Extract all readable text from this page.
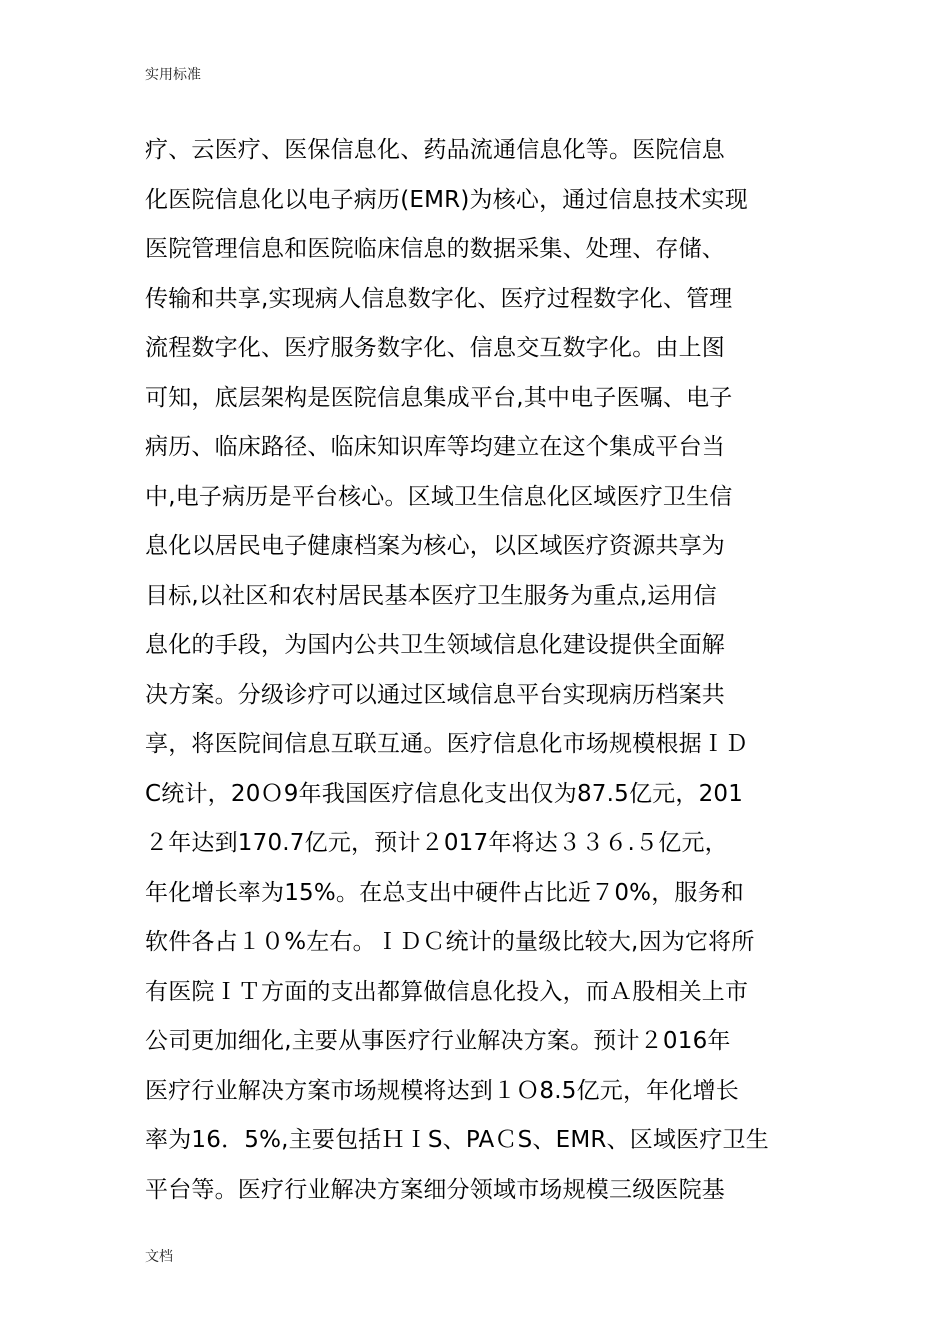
实用标准
疗、云医疗、医保信息化、药品流通信息化等。医院信息
化医院信息化以电子病历(EMR)为核心，通过信息技术实现
医院管理信息和医院临床信息的数据采集、处理、存储、
传输和共享,实现病人信息数字化、医疗过程数字化、管理
流程数字化、医疗服务数字化、信息交互数字化。由上图
可知，底层架构是医院信息集成平台,其中电子医嘱、电子
病历、临床路径、临床知识库等均建立在这个集成平台当
中,电子病历是平台核心。区域卫生信息化区域医疗卫生信
息化以居民电子健康档案为核心，以区域医疗资源共享为
目标,以社区和农村居民基本医疗卫生服务为重点,运用信
息化的手段，为国内公共卫生领域信息化建设提供全面解
决方案。分级诊疗可以通过区域信息平台实现病历档案共
享，将医院间信息互联互通。医疗信息化市场规模根据ＩＤ
C统计，20Ｏ9年我国医疗信息化支出仅为87.5亿元，201
２年达到170.7亿元，预计２017年将达３３６.５亿元，
年化增长率为15%。在总支出中硬件占比近７0%，服务和
软件各占１０%左右。ＩＤＣ统计的量级比较大,因为它将所
有医院ＩＴ方面的支出都算做信息化投入，而Ａ股相关上市
公司更加细化,主要从事医疗行业解决方案。预计２016年
医疗行业解决方案市场规模将达到１Ｏ8.5亿元，年化增长
率为16．5%,主要包括ＨＩS、PAＣS、EMR、区域医疗卫生
平台等。医疗行业解决方案细分领域市场规模三级医院基
文档
